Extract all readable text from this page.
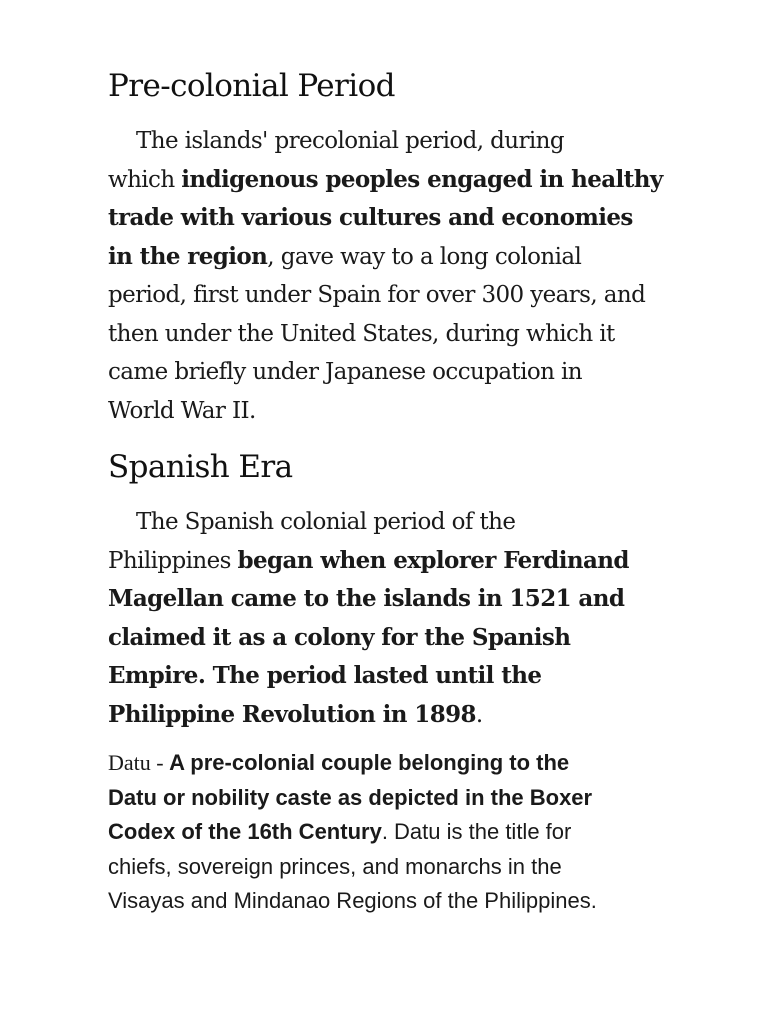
Pre-colonial Period
The islands' precolonial period, during
which indigenous peoples engaged in healthy
trade with various cultures and economies
in the region, gave way to a long colonial
period, first under Spain for over 300 years, and
then under the United States, during which it
came briefly under Japanese occupation in
World War II.
Spanish Era
The Spanish colonial period of the
Philippines began when explorer Ferdinand
Magellan came to the islands in 1521 and
claimed it as a colony for the Spanish
Empire. The period lasted until the
Philippine Revolution in 1898.
Datu - A pre-colonial couple belonging to the
Datu or nobility caste as depicted in the Boxer
Codex of the 16th Century. Datu is the title for
chiefs, sovereign princes, and monarchs in the
Visayas and Mindanao Regions of the Philippines.
